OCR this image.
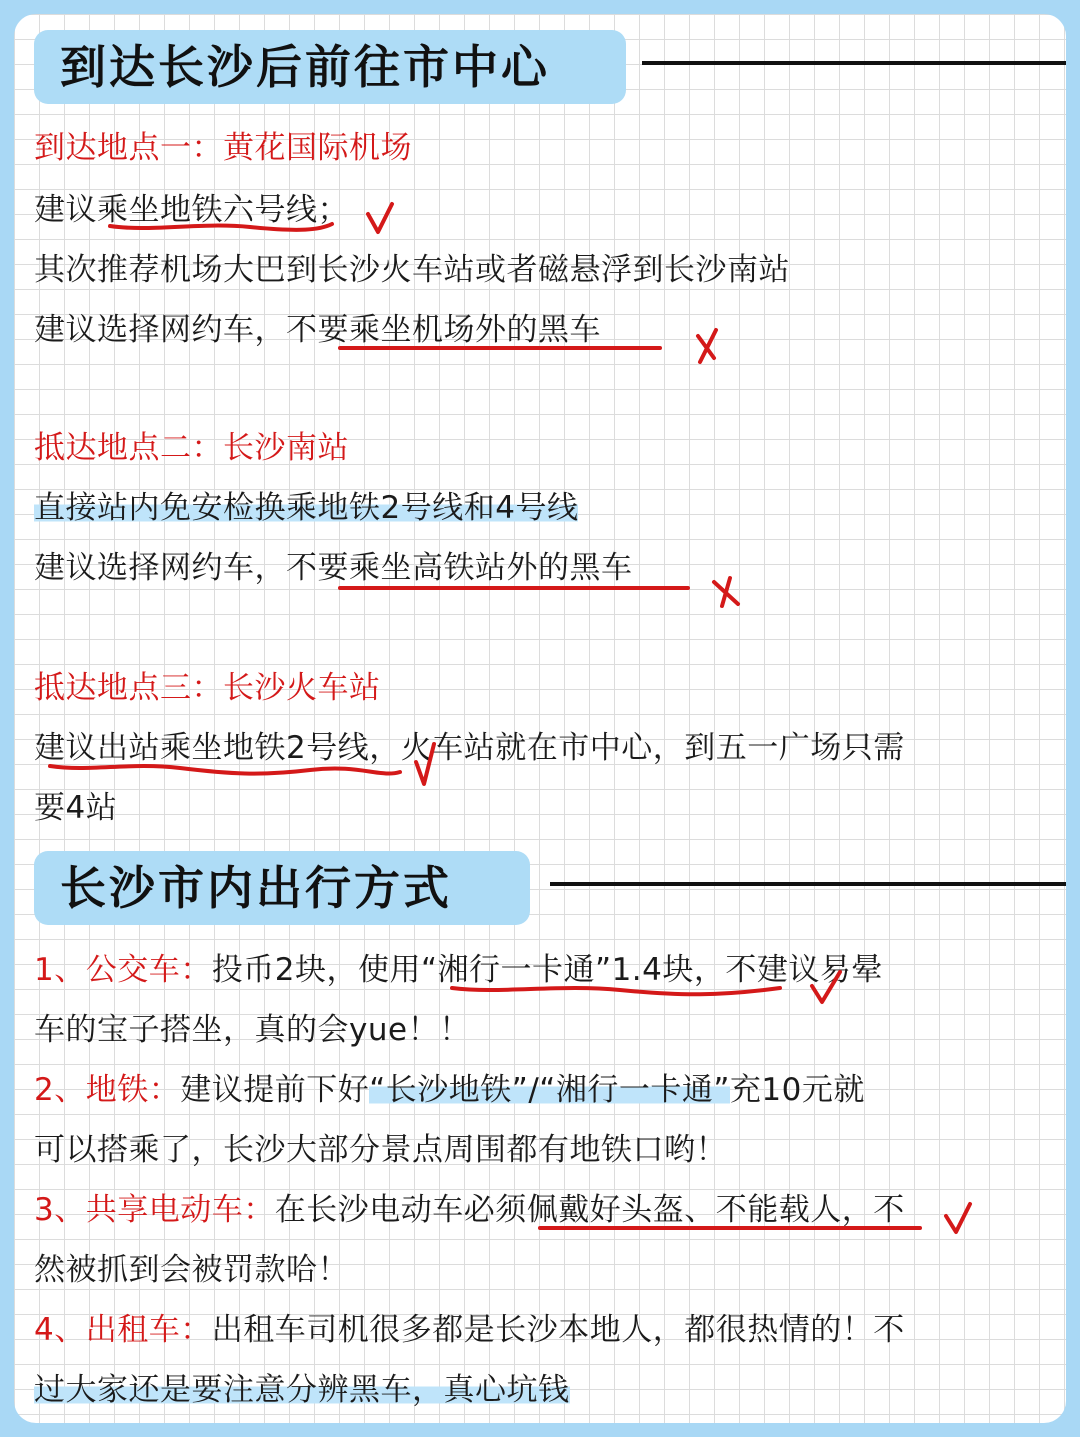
到达长沙后前往市中心
到达地点一：黄花国际机场
建议乘坐地铁六号线；
其次推荐机场大巴到长沙火车站或者磁悬浮到长沙南站
建议选择网约车，不要乘坐机场外的黑车
抵达地点二：长沙南站
直接站内免安检换乘地铁2号线和4号线
建议选择网约车，不要乘坐高铁站外的黑车
抵达地点三：长沙火车站
建议出站乘坐地铁2号线，火车站就在市中心，到五一广场只需
要4站
长沙市内出行方式
1、公交车：投币2块，使用“湘行一卡通”1.4块，不建议易晕
车的宝子搭坐，真的会yue！！
2、地铁：建议提前下好“长沙地铁”/“湘行一卡通”充10元就
可以搭乘了，长沙大部分景点周围都有地铁口哟！
3、共享电动车：在长沙电动车必须佩戴好头盔、不能载人，不
然被抓到会被罚款哈！
4、出租车：出租车司机很多都是长沙本地人，都很热情的！不
过大家还是要注意分辨黑车，真心坑钱
